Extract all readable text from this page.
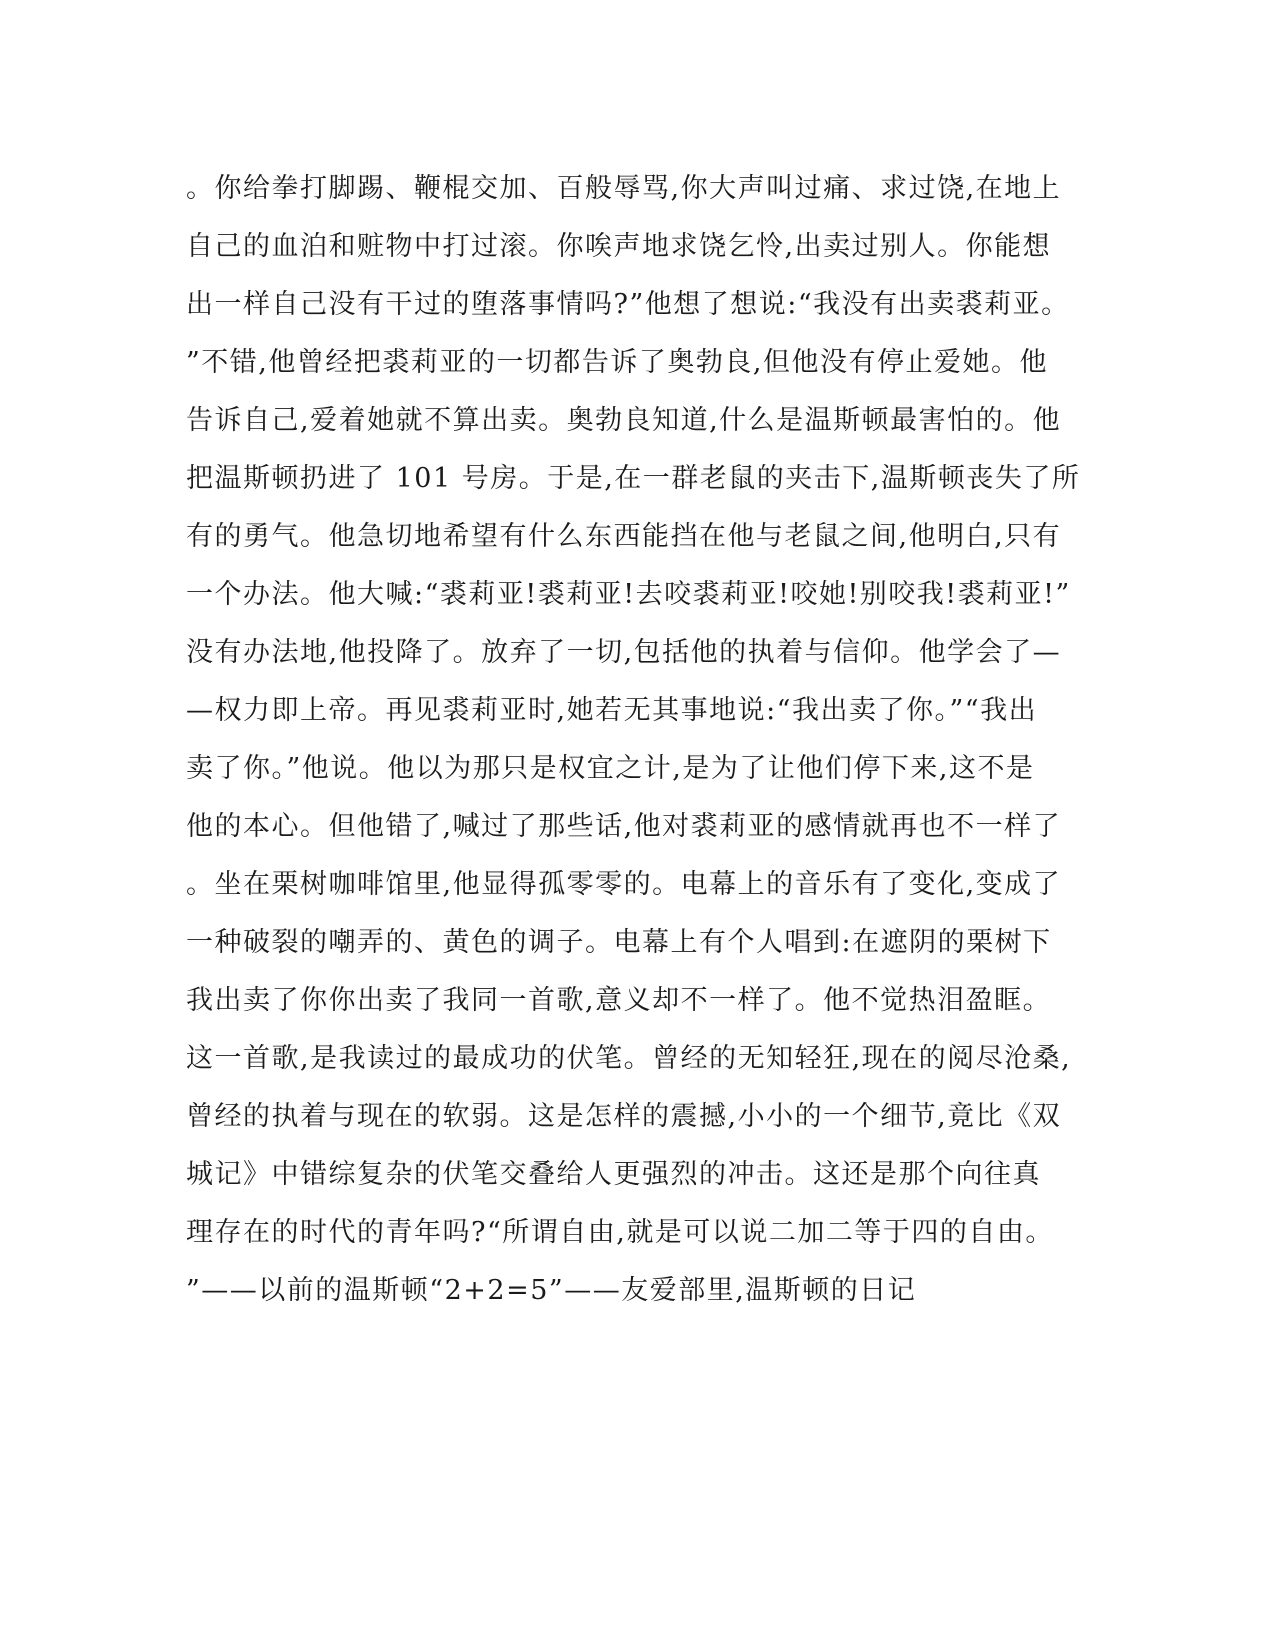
。你给拳打脚踢、鞭棍交加、百般辱骂,你大声叫过痛、求过饶,在地上
自己的血泊和赃物中打过滚。你唉声地求饶乞怜,出卖过别人。你能想
出一样自己没有干过的堕落事情吗?”他想了想说:“我没有出卖裘莉亚。
”不错,他曾经把裘莉亚的一切都告诉了奥勃良,但他没有停止爱她。他
告诉自己,爱着她就不算出卖。奥勃良知道,什么是温斯顿最害怕的。他
把温斯顿扔进了 101 号房。于是,在一群老鼠的夹击下,温斯顿丧失了所
有的勇气。他急切地希望有什么东西能挡在他与老鼠之间,他明白,只有
一个办法。他大喊:“裘莉亚!裘莉亚!去咬裘莉亚!咬她!别咬我!裘莉亚!”
没有办法地,他投降了。放弃了一切,包括他的执着与信仰。他学会了—
—权力即上帝。再见裘莉亚时,她若无其事地说:“我出卖了你。”“我出
卖了你。”他说。他以为那只是权宜之计,是为了让他们停下来,这不是
他的本心。但他错了,喊过了那些话,他对裘莉亚的感情就再也不一样了
。坐在栗树咖啡馆里,他显得孤零零的。电幕上的音乐有了变化,变成了
一种破裂的嘲弄的、黄色的调子。电幕上有个人唱到:在遮阴的栗树下
我出卖了你你出卖了我同一首歌,意义却不一样了。他不觉热泪盈眶。
这一首歌,是我读过的最成功的伏笔。曾经的无知轻狂,现在的阅尽沧桑,
曾经的执着与现在的软弱。这是怎样的震撼,小小的一个细节,竟比《双
城记》中错综复杂的伏笔交叠给人更强烈的冲击。这还是那个向往真
理存在的时代的青年吗?“所谓自由,就是可以说二加二等于四的自由。
”——以前的温斯顿“2+2=5”——友爱部里,温斯顿的日记
